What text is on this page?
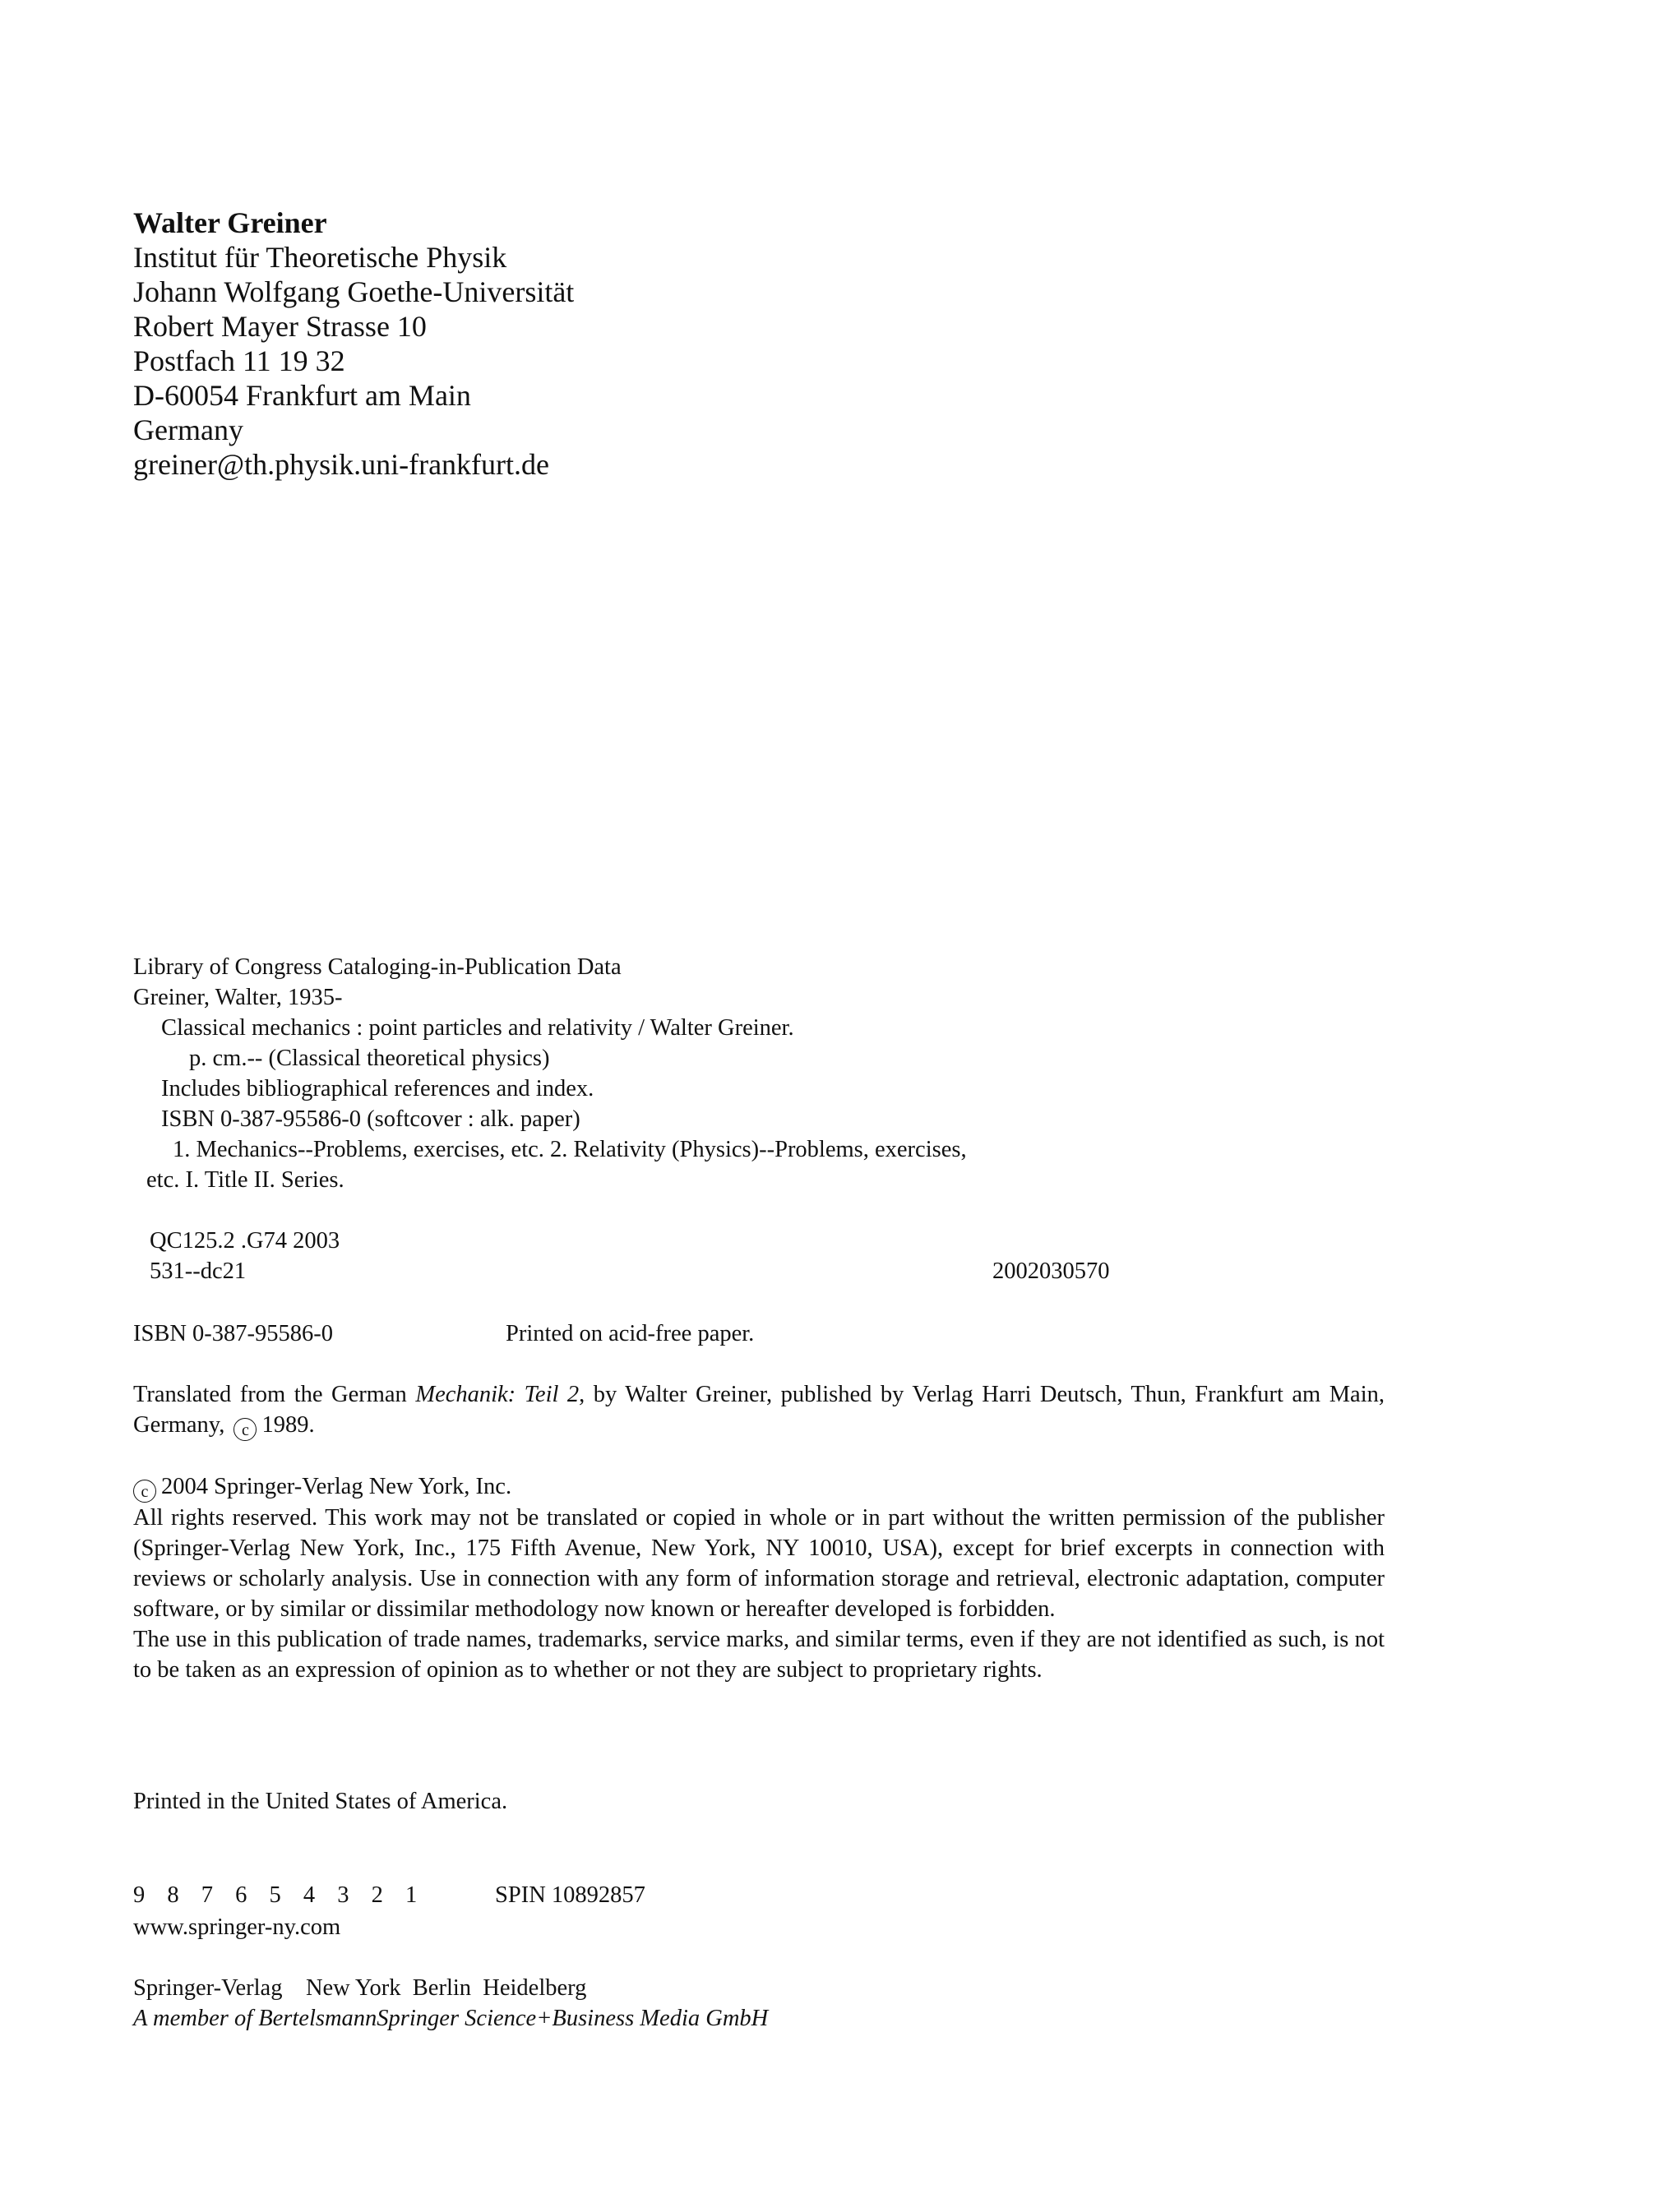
Walter Greiner
Institut für Theoretische Physik
Johann Wolfgang Goethe-Universität
Robert Mayer Strasse 10
Postfach 11 19 32
D-60054 Frankfurt am Main
Germany
greiner@th.physik.uni-frankfurt.de
Library of Congress Cataloging-in-Publication Data
Greiner, Walter, 1935-
Classical mechanics : point particles and relativity / Walter Greiner.
p. cm.-- (Classical theoretical physics)
Includes bibliographical references and index.
ISBN 0-387-95586-0 (softcover : alk. paper)
1. Mechanics--Problems, exercises, etc. 2. Relativity (Physics)--Problems, exercises,
etc. I. Title II. Series.

QC125.2 .G74 2003
531--dc21	2002030570
ISBN 0-387-95586-0	Printed on acid-free paper.
Translated from the German Mechanik: Teil 2, by Walter Greiner, published by Verlag Harri Deutsch, Thun, Frankfurt am Main, Germany, c 1989.
c 2004 Springer-Verlag New York, Inc.
All rights reserved. This work may not be translated or copied in whole or in part without the written permission of the publisher (Springer-Verlag New York, Inc., 175 Fifth Avenue, New York, NY 10010, USA), except for brief excerpts in connection with reviews or scholarly analysis. Use in connection with any form of information storage and retrieval, electronic adaptation, computer software, or by similar or dissimilar methodology now known or hereafter developed is forbidden.
The use in this publication of trade names, trademarks, service marks, and similar terms, even if they are not identified as such, is not to be taken as an expression of opinion as to whether or not they are subject to proprietary rights.
Printed in the United States of America.
9 8 7 6 5 4 3 2 1	SPIN 10892857
www.springer-ny.com
Springer-Verlag    New York  Berlin  Heidelberg
A member of BertelsmannSpringer Science+Business Media GmbH
